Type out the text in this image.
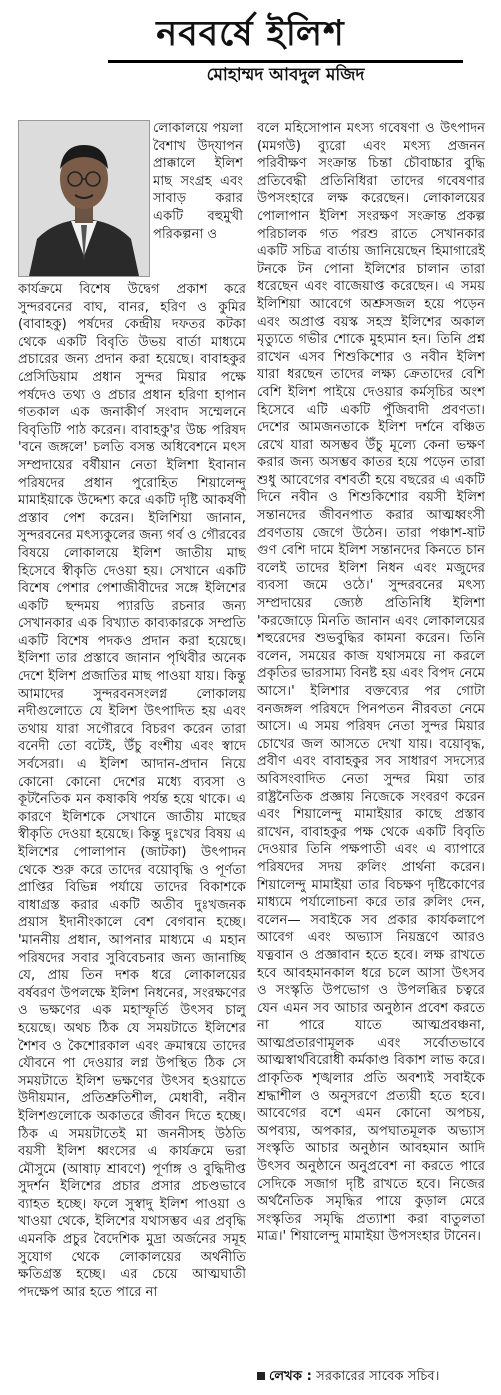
নববর্ষে ইলিশ
মোহাম্মদ আবদুল মজিদ

লোকালয়ে পয়লা বৈশাখ উদ্‌যাপন প্রাক্কালে ইলিশ মাছ সংগ্রহ এবং সাবাড় করার একটি বহুমুখী পরিকল্পনা ও

কার্যক্রমে বিশেষ উদ্বেগ প্রকাশ করে সুন্দরবনের বাঘ, বানর, হরিণ ও কুমির (বাবাহকু) পর্ষদের কেন্দ্রীয় দফতর কটকা থেকে একটি বিবৃতি উভয় বার্তা মাধ্যমে প্রচারের জন্য প্রদান করা হয়েছে। বাবাহকুর প্রেসিডিয়াম প্রধান সুন্দর মিয়ার পক্ষে পর্ষদেও তথ্য ও প্রচার প্রধান হরিণা হাপান গতকাল এক জনাকীর্ণ সংবাদ সম্মেলনে বিবৃতিটি পাঠ করেন। বাবাহকু'র উচ্চ পরিষদ 'বনে জঙ্গলে' চলতি বসন্ত অধিবেশনে মৎস সম্প্রদায়ের বর্ষীয়ান নেতা ইলিশা ইবানান পরিষদের প্রধান পুরোহিত শিয়ালেন্দু মামাইয়াকে উদ্দেশ্য করে একটি দৃষ্টি আকর্ষণী প্রস্তাব পেশ করেন। ইলিশিয়া জানান, সুন্দরবনের মৎস্যকুলের জন্য গর্ব ও গৌরবের বিষয়ে লোকালয়ে ইলিশ জাতীয় মাছ হিসেবে স্বীকৃতি দেওয়া হয়। সেখানে একটি বিশেষ পেশার পেশাজীবীদের সঙ্গে ইলিশের একটি ছন্দময় প্যারডি রচনার জন্য সেখানকার এক বিখ্যাত কাব্যকারকে সম্প্রতি একটি বিশেষ পদকও প্রদান করা হয়েছে। ইলিশা তার প্রস্তাবে জানান পৃথিবীর অনেক দেশে ইলিশ প্রজাতির মাছ পাওয়া যায়। কিন্তু আমাদের সুন্দরবনসংলগ্ন লোকালয় নদীগুলোতে যে ইলিশ উৎপাদিত হয় এবং তথায় যারা সগৌরবে বিচরণ করেন তারা বনেদী তো বটেই, উঁচু বংশীয় এবং স্বাদে সর্বসেরা। এ ইলিশ আদান-প্রদান নিয়ে কোনো কোনো দেশের মধ্যে ব্যবসা ও কূটনৈতিক মন কষাকষি পর্যন্ত হয়ে থাকে। এ কারণে ইলিশকে সেখানে জাতীয় মাছের স্বীকৃতি দেওয়া হয়েছে। কিন্তু দুঃখের বিষয় এ ইলিশের পোলাপান (জাটকা) উৎপাদন থেকে শুরু করে তাদের বয়োবৃদ্ধি ও পূর্ণতা প্রাপ্তির বিভিন্ন পর্যায়ে তাদের বিকাশকে বাধাগ্রস্ত করার একটি অতীব দুঃখজনক প্রয়াস ইদানীংকালে বেশ বেগবান হচ্ছে। 'মাননীয় প্রধান, আপনার মাধ্যমে এ মহান পরিষদের সবার সুবিবেচনার জন্য জানাচ্ছি যে, প্রায় তিন দশক ধরে লোকালয়ের বর্ষবরণ উপলক্ষে ইলিশ নিধনের, সংরক্ষণের ও ভক্ষণের এক মহাস্ফূর্তি উৎসব চালু হয়েছে। অথচ ঠিক যে সময়টাতে ইলিশের শৈশব ও কৈশোরকাল এবং ক্রমান্বয়ে তাদের যৌবনে পা দেওয়ার লগ্ন উপস্থিত ঠিক সে সময়টাতে ইলিশ ভক্ষণের উৎসব হওয়াতে উদীয়মান, প্রতিশ্রুতিশীল, মেধাবী, নবীন ইলিশগুলোকে অকাতরে জীবন দিতে হচ্ছে। ঠিক এ সময়টাতেই মা জননীসহ উঠতি বয়সী ইলিশ ধ্বংসের এ কার্যক্রমে ভরা মৌসুমে (আষাঢ় শ্রাবণে) পূর্ণাঙ্গ ও বুদ্ধিদীপ্ত সুদর্শন ইলিশের প্রচার প্রসার প্রচণ্ডভাবে ব্যাহত হচ্ছে। ফলে সুস্বাদু ইলিশ পাওয়া ও খাওয়া থেকে, ইলিশের যথাসম্ভব এর প্রবৃদ্ধি এমনকি প্রচুর বৈদেশিক মুদ্রা অর্জনের সমূহ সুযোগ থেকে লোকালয়ের অর্থনীতি ক্ষতিগ্রস্ত হচ্ছে। এর চেয়ে আত্মঘাতী পদক্ষেপ আর হতে পারে না

বলে মহিসোপান মৎস্য গবেষণা ও উৎপাদন (মমগউ) ব্যুরো এবং মৎস্য প্রজনন পরিবীক্ষণ সংক্রান্ত চিন্তা চৌবাচ্চার বুদ্ধি প্রতিবেদ্ধী প্রতিনিধিরা তাদের গবেষণার উপসংহারে লক্ষ করেছেন। লোকালয়ের পোলাপান ইলিশ সংরক্ষণ সংক্রান্ত প্রকল্প পরিচালক গত পরশু রাতে সেখানকার একটি সচিত্র বার্তায় জানিয়েছেন হিমাগারেই টনকে টন পোনা ইলিশের চালান তারা ধরেছেন এবং বাজেয়াপ্ত করেছেন। এ সময় ইলিশিয়া আবেগে অশ্রুসজল হয়ে পড়েন এবং অপ্রাপ্ত বয়স্ক সহস্র ইলিশের অকাল মৃত্যুতে গভীর শোকে মুহ্যমান হন। তিনি প্রশ্ন রাখেন এসব শিশুকিশোর ও নবীন ইলিশ যারা ধরছেন তাদের লক্ষ্য ক্রেতাদের বেশি বেশি ইলিশ পাইয়ে দেওয়ার কর্মসৃচির অংশ হিসেবে এটি একটি পুঁজিবাদী প্রবণতা। দেশের আমজনতাকে ইলিশ দর্শনে বঞ্চিত রেখে যারা অসম্ভব উঁচু মূল্যে কেনা ভক্ষণ করার জন্য অসম্ভব কাতর হয়ে পড়েন তারা শুধু আবেগের বশবর্তী হয়ে বছরের এ একটি দিনে নবীন ও শিশুকিশোর বয়সী ইলিশ সন্তানদের জীবনপাত করার আত্মধ্বংসী প্রবণতায় জেগে উঠেন। তারা পঞ্চাশ-ষাট গুণ বেশি দামে ইলিশ সন্তানদের কিনতে চান বলেই তাদের ইলিশ নিধন এবং মজুদের ব্যবসা জমে ওঠে।' সুন্দরবনের মৎস্য সম্প্রদায়ের জ্যেষ্ঠ প্রতিনিধি ইলিশা 'করজোড়ে মিনতি জানান এবং লোকালয়ের শহুরেদের শুভবুদ্ধির কামনা করেন। তিনি বলেন, সময়ের কাজ যথাসময়ে না করলে প্রকৃতির ভারসাম্য বিনষ্ট হয় এবং বিপদ নেমে আসে।' ইলিশার বক্তব্যের পর গোটা বনজঙ্গল পরিষদে পিনপতন নীরবতা নেমে আসে। এ সময় পরিষদ নেতা সুন্দর মিয়ার চোখের জল আসতে দেখা যায়। বয়োবৃদ্ধ, প্রবীণ এবং বাবাহকুর সব সাধারণ সদস্যের অবিসংবাদিত নেতা সুন্দর মিয়া তার রাষ্ট্রনৈতিক প্রজ্ঞায় নিজেকে সংবরণ করেন এবং শিয়ালেন্দু মামাইয়ার কাছে প্রস্তাব রাখেন, বাবাহকুর পক্ষ থেকে একটি বিবৃতি দেওয়ার তিনি পক্ষপাতী এবং এ ব্যাপারে পরিষদের সদয় রুলিং প্রার্থনা করেন। শিয়ালেন্দু মামাইয়া তার বিচক্ষণ দৃষ্টিকোণের মাধ্যমে পর্যালোচনা করে তার রুলিং দেন, বলেন— সবাইকে সব প্রকার কার্যকলাপে আবেগ এবং অভ্যাস নিয়ন্ত্রণে আরও যত্নবান ও প্রজ্ঞাবান হতে হবে। লক্ষ রাখতে হবে আবহমানকাল ধরে চলে আসা উৎসব ও সংস্কৃতি উপভোগ ও উপলব্ধির চত্বরে যেন এমন সব আচার অনুষ্ঠান প্রবেশ করতে না পারে যাতে আত্মপ্রবঞ্চনা, আত্মপ্রতারণামূলক এবং সর্বোতভাবে আত্মস্বার্থবিরোধী কর্মকাণ্ড বিকাশ লাভ করে। প্রাকৃতিক শৃঙ্খলার প্রতি অবশ্যই সবাইকে শ্রদ্ধাশীল ও অনুসরণে প্রত্যয়ী হতে হবে। আবেগের বশে এমন কোনো অপচয়, অপব্যয়, অপকার, অপঘাতমূলক অভ্যাস সংস্কৃতি আচার অনুষ্ঠান আবহমান আদি উৎসব অনুষ্ঠানে অনুপ্রবেশ না করতে পারে সেদিকে সজাগ দৃষ্টি রাখতে হবে। নিজের অর্থনৈতিক সমৃদ্ধির পায়ে কুড়াল মেরে সংস্কৃতির সমৃদ্ধি প্রত্যাশা করা বাতুলতা মাত্র।' শিয়ালেন্দু মামাইয়া উপসংহার টানেন।

লেখক : সরকারের সাবেক সচিব।
